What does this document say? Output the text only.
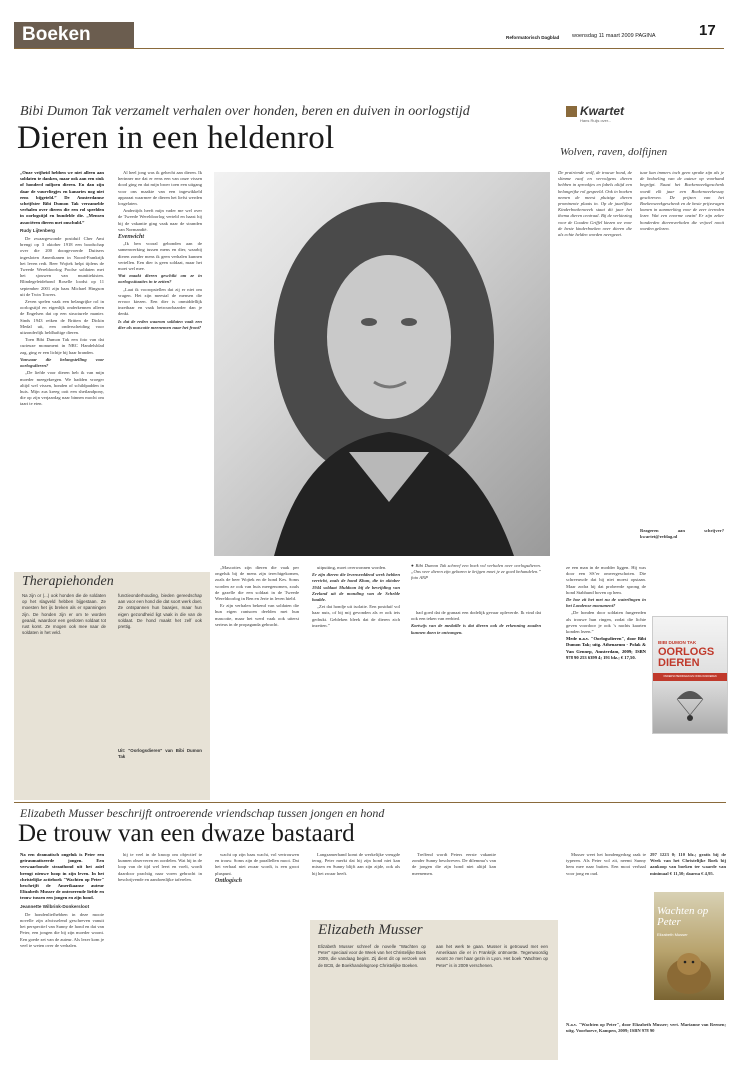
Boeken	Reformatorisch Dagblad woensdag 11 maart 2009 PAGINA	17
Kwartet
Hans Ruijs over...
Bibi Dumon Tak verzamelt verhalen over honden, beren en duiven in oorlogstijd
Dieren in een heldenrol	Wolven, raven, dolfijnen

„Onze vrijheid hebben we niet alleen aan soldaten te danken, maar ook aan een stuk of honderd miljoen dieren. En dan zijn daar de vuurvliegjes en kanaries nog niet eens bijgeteld.” De Amsterdamse schrijfster Bibi Dumon Tak verzamelde verhalen over dieren die een rol speelden in oorlogstijd en bundelde die. „Mensen associëren dieren met onschuld.”

Rudy Lijtenberg

De zwaargewonde postduif Cher Ami brengt op 3 oktober 1918 een boodschap over die 200 doorgevoerde Duitsers ingesloten Amerikanen in Noord-Frankrijk het leven redt. Beer Wojtek helpt tijdens de Tweede Wereldoorlog Poolse soldaten met het sjouwen van munitiekisten. Blindegeleidehond Roselle loodst op 11 september 2001 zijn baas Michael Hingson uit de Twin Towers.

Zeven spelen vaak een belangrijke rol in oorlogstijd en eigenlijk onderkennen alleen de Engelsen dat op een structurele manier. Sinds 1943 reiken de Britten de Dickin Medal uit, een onderscheiding voor uitzonderlijk heldhaftige dieren.

Toen Bibi Dumon Tak een foto van dat curieuze monument in NRC Handelsblad zag, ging er een lichtje bij haar branden.

Vanwaar die belangstelling voor oorlogsdieren?

„De liefde voor dieren heb ik van mijn moeder meegekregen. We hadden vroeger altijd wel vissen, honden of schildpadden in huis. Mijn zus kreeg ooit een shetlandpony, die op zijn verjaardag naar binnen mocht om taart te eten.

Al heel jong was ik gehecht aan dieren. Ik herinner me dat er eens een van onze vissen dood ging en dat mijn broer toen een uitgang voor ons maakte van een ingewikkeld apparaat waarmee de dieren het liefst werden losgelaten.

Andertijds heeft mijn vader me wel over de Tweede Wereldoorlog verteld en haast hij bij de vakantie ging vaak naar de stranden van Normandië.

Evenwicht

„Ik ben vooral gebonden aan de samenwerking tussen mens en dier, waarbij dieren zonder mens ik geen verhalen kunnen vertellen. Een dier is geen soldaat, maar het moet wel mee.

Wat maakt dieren geschikt om ze in oorlogssituaties in te zetten?

„Laat ik vooropstellen dat zij er niet om vragen. Het zijn meestal de mensen die ervoor kiezen. Een dier is onmiddellijk inzetbaar en vaak betrouwbaarder dan je denkt.

Is dat de reden waarom soldaten vaak een dier als mascotte meenemen naar het front?

● Bibi Dumon Tak schreef een boek vol verhalen over oorlogsdieren. „Ons veer dieren zijn gebaren te krijgen moet je ze goed behandelen.” foto ANP

De prairiende wolf, de trouwe hond, de slimme raaf en vervolgens dieren hebben in sprookjes en fabels altijd een belangrijke rol gespeeld. Ook in boeken nemen de meest pluizige dieren prominente plaats in. Op de jaarlijkse Kinderboekenweek staat dit jaar het thema dieren centraal. Bij de verkiezing voor de Gouden Griffel kiezen we voor de beste kinderboeken over dieren die als echte helden worden neergezet.

tuur kan immers toch geen sprake zijn als je de bedoeling van de auteur op voorhand begrijpt. Naast het Boekenweekgeschenk wordt elk jaar een Boekenweekessay geschreven. De prijzen van het Boekenweekgeschenk en de beste prijsvragen komen in aanmerking voor de zeer tevreden lezer. Wat een enorme onzin! Er zijn zeker honderden dierenverhalen die vrijwel nooit worden gelezen.

Reageren aan schrijver? kwartet@refdag.nl

Therapiehonden

Na zijn or (...) ook honden die de soldaten op het slagveld hebben bijgestaan. Ze moesten het ijs breken als er spanningen zijn. De honden zijn er om te worden geaaid, waardoor een gesloten soldaat tot rust komt. Ze mogen ook mee naar de soldaten in het veld.

functieonderhouding, bieden gereedschap aan voor een hond die dat soort werk doet. Ze ontspannen hun baasjes, maar hun eigen gezondheid ligt vaak in die van de soldaat. De hond maakt het zelf ook prettig.

Uit: "Oorlogsdieren" van Bibi Dumon Tak

„Mascottes zijn dieren die vaak per ongeluk bij de mens zijn terechtgekomen, zoals de beer Wojtek en de hond Kes. Soms worden ze ook van huis meegenomen, zoals de gazelle die een soldaat in de Tweede Wereldoorlog in Ben en Jerie in leven hield.

Er zijn verhalen bekend van soldaten die hun eigen rantsoen deelden met hun mascotte, maar het werd vaak ook uiterst serieus in de propaganda gebracht.

uitputting, moet overwonnen worden.

Er zijn dieren die levensreddend werk hebben verricht, zoals de hond Khan, die in oktober 1944 soldaat Muldoon bij de bevrijding van Zeeland uit de monding van de Schelde haalde.

„Zet dat hondje uit isolatie. Een postduif vol haar nuts, of bij mij gevonden als er ook iets gedrukt. Gebleken bleek dat de dieren zich inzetten.”

had goed dat de granaat een dodelijk gevaar opleverde. Ik vind dat ook een teken van eerbied.

Kortwijs van de medaille is dat dieren ook de erkenning zouden kunnen doen te ontvangen.

ze een man in de modder liggen. Hij was door een SS’er omvergeschoten. Die schreeuwde dat hij niet moest opstaan. Maar zodra hij dat probeerde sprong de hond Stabhund boven op hem.

De hoe zit het met nu de waterlingen in het Londense monument?

„De honden door soldaten fungeerden als trouwe hun ringen, zodat die lichte geven voordoor je ook ’s nachts kaarten konden lezen.”

Mede n.a.v. "Oorlogsdieren", door Bibi Dumon Tak; uitg. Athenaeum - Polak & Van Gennep, Amsterdam, 2009; ISBN 978 90 253 6399 4; 191 blz.; € 17,50.

BIBI DUMON TAK
OORLOGS DIEREN
ONDERSCHEIDINGEN EN OORLOGSDIEREN
Elizabeth Musser beschrijft ontroerende vriendschap tussen jongen en hond
De trouw van een dwaze bastaard

Na een dramatisch ongeluk is Peter een getraumatiseerde jongen. Een verwaarloosde straathond uit het asiel brengt nieuwe hoop in zijn leven. In het christelijke actieboek "Wachten op Peter" beschrijft de Amerikaanse auteur Elizabeth Musser de ontroerende liefde en trouw tussen een jongen en zijn hond.

Jeannette Wilbrink-Donkersloot

De hondenliefhebben in deze mooie novelle zijn afwisselend geschreven vanuit het perspectief van Sunny de hond en dat van Peter, een jongen die bij zijn moeder woont. Een goede zet van de auteur. Als lezer kom je veel te weten over de verhalen.

hij te veel in de knoop om objectief te kunnen observeren en oordelen. Wat hij in de loop van de tijd wel leert en voelt, wordt daardoor prachtig naar voren gebracht in beschrijvende en aandoenlijke taferelen.

wacht op zijn baas wacht, vol vertrouwen en trouw. Soms zijn de parallellen mooi. Dat het verhaal niet zwaar wordt, is een groot pluspunt.

Ontlogisch

Langzamerhand komt de werkelijke vreugde terug. Peter merkt dat hij zijn hond niet kan missen en Sunny blijft aan zijn zijde, ook als hij het zwaar heeft.

Treffend wordt Peters eerste vakantie zonder Sunny beschreven. De dilemma’s van de jongen die zijn hond niet altijd kan meenemen.

Musser weet het hondengedrag raak te typeren. Als Peter vol zit, neemt Sunny hem mee naar buiten. Een mooi verhaal voor jong en oud.

Elizabeth Musser

Elizabeth Musser schreef de novelle "Wachten op Peter" speciaal voor de Week van het Christelijke Boek 2009, die vandaag begint. Zij dient dit op verzoek van de BCB, de Boekhandelsgroep Christelijke Boeken.

aan het werk te gaan. Musser is getrouwd met een Amerikaan die er in Frankrijk ontmoette. Tegenwoordig woont ze met haar gezin in Lyon. Het boek "Wachten op Peter" is in 2009 verschenen.

297 1223 0; 110 blz.; gratis bij de Week van het Christelijke Boek bij aankoop van boeken ter waarde van minimaal € 11,50; daarna € 4,95.

Wachten op Peter
Elizabeth Musser

N.a.v. "Wachten op Peter", door Elizabeth Musser; vert. Marianne van Reenen; uitg. Voorhoeve, Kampen, 2009; ISBN 978 90
